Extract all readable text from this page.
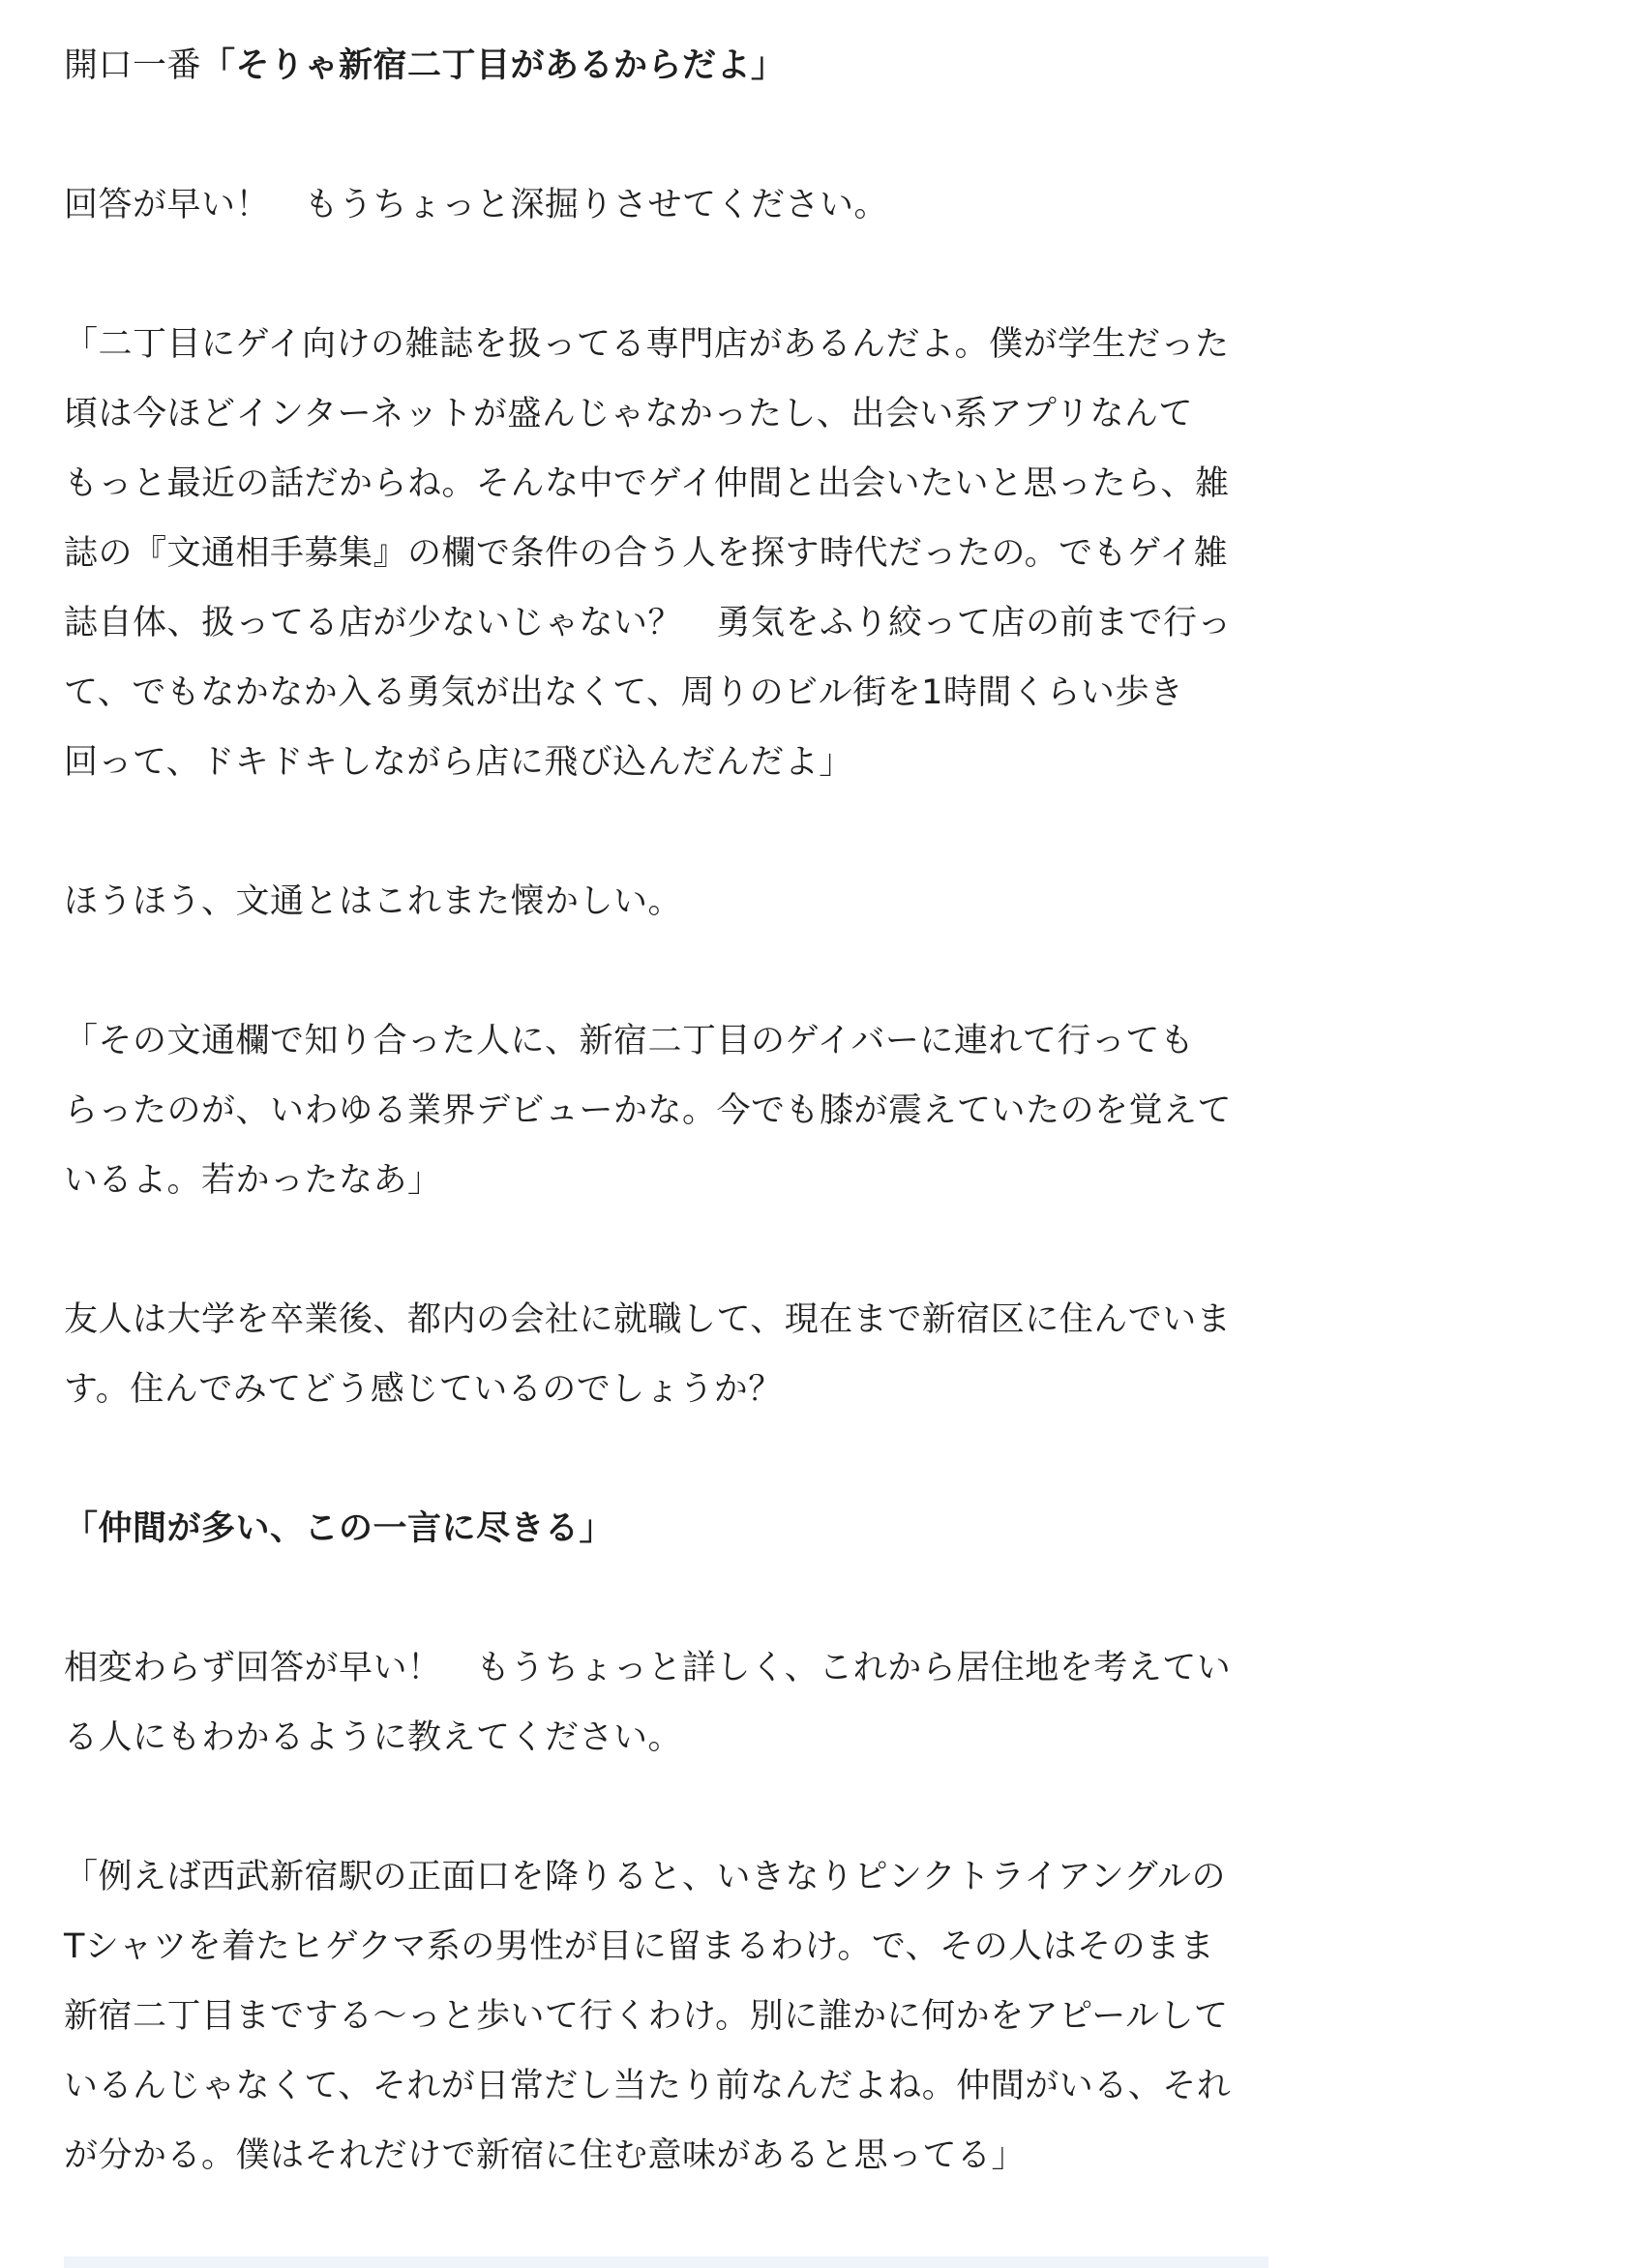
開口一番「そりゃ新宿二丁目があるからだよ」

回答が早い！　もうちょっと深掘りさせてください。

「二丁目にゲイ向けの雑誌を扱ってる専門店があるんだよ。僕が学生だった
頃は今ほどインターネットが盛んじゃなかったし、出会い系アプリなんて
もっと最近の話だからね。そんな中でゲイ仲間と出会いたいと思ったら、雑
誌の『文通相手募集』の欄で条件の合う人を探す時代だったの。でもゲイ雑
誌自体、扱ってる店が少ないじゃない？　勇気をふり絞って店の前まで行っ
て、でもなかなか入る勇気が出なくて、周りのビル街を1時間くらい歩き
回って、ドキドキしながら店に飛び込んだんだよ」

ほうほう、文通とはこれまた懐かしい。

「その文通欄で知り合った人に、新宿二丁目のゲイバーに連れて行っても
らったのが、いわゆる業界デビューかな。今でも膝が震えていたのを覚えて
いるよ。若かったなあ」

友人は大学を卒業後、都内の会社に就職して、現在まで新宿区に住んでいま
す。住んでみてどう感じているのでしょうか？

「仲間が多い、この一言に尽きる」

相変わらず回答が早い！　もうちょっと詳しく、これから居住地を考えてい
る人にもわかるように教えてください。

「例えば西武新宿駅の正面口を降りると、いきなりピンクトライアングルの
Tシャツを着たヒゲクマ系の男性が目に留まるわけ。で、その人はそのまま
新宿二丁目までする〜っと歩いて行くわけ。別に誰かに何かをアピールして
いるんじゃなくて、それが日常だし当たり前なんだよね。仲間がいる、それ
が分かる。僕はそれだけで新宿に住む意味があると思ってる」
